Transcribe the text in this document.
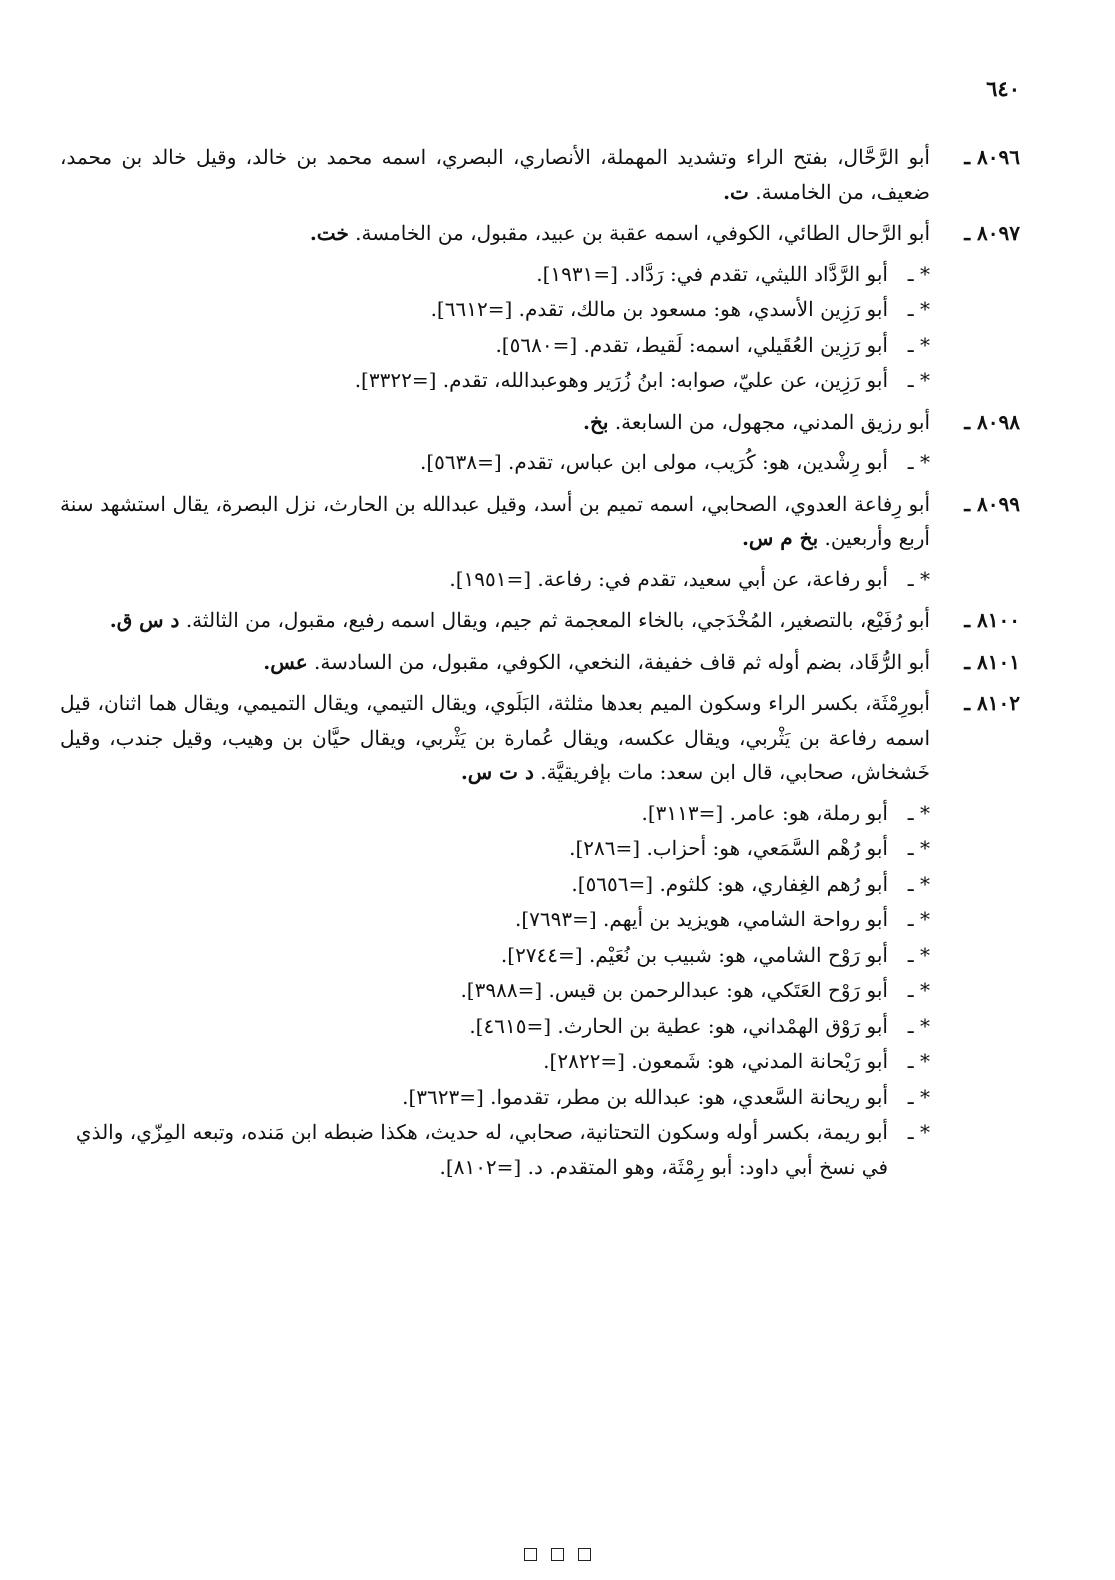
٦٤٠
٨٠٩٦ ـ
أبو الرَّحَّال، بفتح الراء وتشديد المهملة، الأنصاري، البصري، اسمه محمد بن خالد، وقيل خالد بن محمد، ضعيف، من الخامسة. ت.
٨٠٩٧ ـ
أبو الرَّحال الطائي، الكوفي، اسمه عقبة بن عبيد، مقبول، من الخامسة. خت.
* ـ
أبو الرَّدَّاد الليثي، تقدم في: رَدَّاد. [=١٩٣١].
* ـ
أبو رَزِين الأسدي، هو: مسعود بن مالك، تقدم. [=٦٦١٢].
* ـ
أبو رَزِين العُقَيلي، اسمه: لَقيط، تقدم. [=٥٦٨٠].
* ـ
أبو رَزِين، عن عليّ، صوابه: ابنُ زُرَير وهوعبدالله، تقدم. [=٣٣٢٢].
٨٠٩٨ ـ
أبو رزيق المدني، مجهول، من السابعة. بخ.
* ـ
أبو رِشْدين، هو: كُرَيب، مولى ابن عباس، تقدم. [=٥٦٣٨].
٨٠٩٩ ـ
أبو رِفاعة العدوي، الصحابي، اسمه تميم بن أسد، وقيل عبدالله بن الحارث، نزل البصرة، يقال استشهد سنة أربع وأربعين. بخ م س.
* ـ
أبو رفاعة، عن أبي سعيد، تقدم في: رفاعة. [=١٩٥١].
٨١٠٠ ـ
أبو رُفَيْع، بالتصغير، المُخْدَجي، بالخاء المعجمة ثم جيم، ويقال اسمه رفيع، مقبول، من الثالثة. د س ق.
٨١٠١ ـ
أبو الرُّقَاد، بضم أوله ثم قاف خفيفة، النخعي، الكوفي، مقبول، من السادسة. عس.
٨١٠٢ ـ
أبورِمْثَة، بكسر الراء وسكون الميم بعدها مثلثة، البَلَوي، ويقال التيمي، ويقال التميمي، ويقال هما اثنان، قيل اسمه رفاعة بن يَثْربي، ويقال عكسه، ويقال عُمارة بن يَثْربي، ويقال حيَّان بن وهيب، وقيل جندب، وقيل خَشخاش، صحابي، قال ابن سعد: مات بإفريقيَّة. د ت س.
* ـ
أبو رملة، هو: عامر. [=٣١١٣].
* ـ
أبو رُهْم السَّمَعي، هو: أحزاب. [=٢٨٦].
* ـ
أبو رُهم الغِفاري، هو: كلثوم. [=٥٦٥٦].
* ـ
أبو رواحة الشامي، هويزيد بن أيهم. [=٧٦٩٣].
* ـ
أبو رَوْح الشامي، هو: شبيب بن نُعَيْم. [=٢٧٤٤].
* ـ
أبو رَوْح العَتَكي، هو: عبدالرحمن بن قيس. [=٣٩٨٨].
* ـ
أبو رَوْق الهمْداني، هو: عطية بن الحارث. [=٤٦١٥].
* ـ
أبو رَيْحانة المدني، هو: شَمعون. [=٢٨٢٢].
* ـ
أبو ريحانة السَّعدي، هو: عبدالله بن مطر، تقدموا. [=٣٦٢٣].
* ـ
أبو ريمة، بكسر أوله وسكون التحتانية، صحابي، له حديث، هكذا ضبطه ابن مَنده، وتبعه المِزّي، والذي في نسخ أبي داود: أبو رِمْثَة، وهو المتقدم. د. [=٨١٠٢].
